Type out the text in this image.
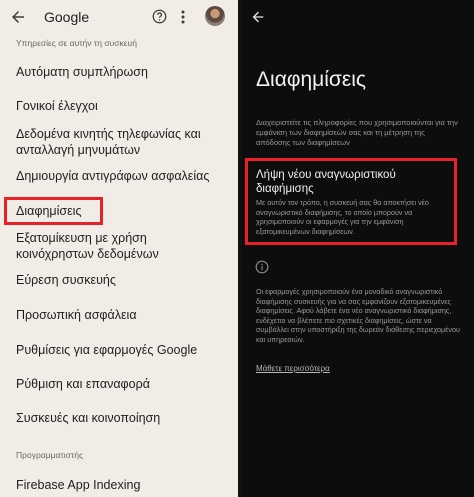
Google
Υπηρεσίες σε αυτήν τη συσκευή
Αυτόματη συμπλήρωση
Γονικοί έλεγχοι
Δεδομένα κινητής τηλεφωνίας και ανταλλαγή μηνυμάτων
Δημιουργία αντιγράφων ασφαλείας
Διαφημίσεις
Εξατομίκευση με χρήση κοινόχρηστων δεδομένων
Εύρεση συσκευής
Προσωπική ασφάλεια
Ρυθμίσεις για εφαρμογές Google
Ρύθμιση και επαναφορά
Συσκευές και κοινοποίηση
Προγραμματιστής
Firebase App Indexing
Διαφημίσεις
Διαχειριστείτε τις πληροφορίες που χρησιμοποιούνται για την εμφάνιση των διαφημίσεών σας και τη μέτρηση της απόδοσης των διαφημίσεων
Λήψη νέου αναγνωριστικού διαφήμισης
Με αυτόν τον τρόπο, η συσκευή σας θα αποκτήσει νέο αναγνωριστικό διαφήμισης, το οποίο μπορούν να χρησιμοποιούν οι εφαρμογές για την εμφάνιση εξατομικευμένων διαφημίσεων.
Οι εφαρμογές χρησιμοποιούν ένα μοναδικό αναγνωριστικό διαφήμισης συσκευής για να σας εμφανίζουν εξατομικευμένες διαφημίσεις. Αφού λάβετε ένα νέο αναγνωριστικό διαφήμισης, ενδέχεται να βλέπετε πιο σχετικές διαφημίσεις, ώστε να συμβάλλει στην υποστήριξη της δωρεάν διάθεσης περιεχομένου και υπηρεσιών.
Μάθετε περισσότερα
